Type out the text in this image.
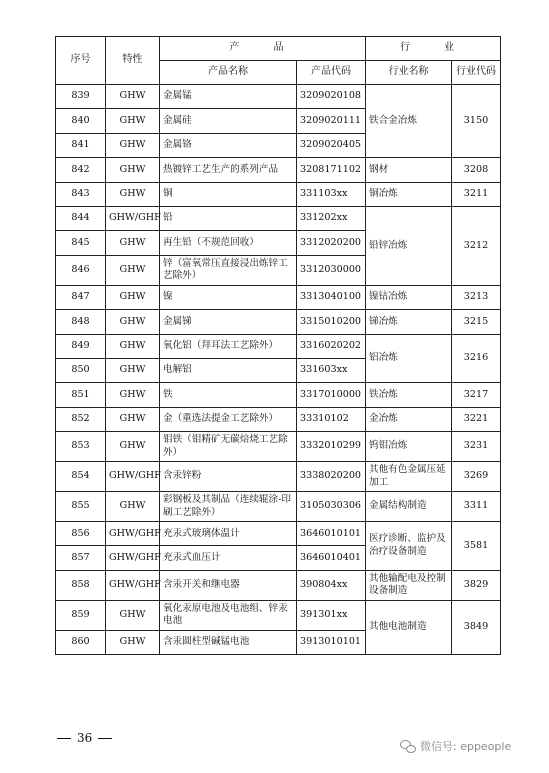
序号	特性	产　品		行　业	
		产品名称	产品代码	行业名称	行业代码
839	GHW	金属锰	3209020108	铁合金冶炼	3150
840	GHW	金属硅	3209020111		
841	GHW	金属铬	3209020405		
842	GHW	热镀锌工艺生产的系列产品	3208171102	钢材	3208
843	GHW	铜	331103xx	铜冶炼	3211
844	GHW/GHF	铅	331202xx	铅锌冶炼	3212
845	GHW	再生铅（不规范回收）	3312020200		
846	GHW	锌（富氧常压直接浸出炼锌工艺除外）	3312030000		
847	GHW	镍	3313040100	镍钴冶炼	3213
848	GHW	金属锑	3315010200	锑冶炼	3215
849	GHW	氧化铝（拜耳法工艺除外）	3316020202	铝冶炼	3216
850	GHW	电解铝	331603xx		
851	GHW	铁	3317010000	铁冶炼	3217
852	GHW	金（重选法提金工艺除外）	33310102	金冶炼	3221
853	GHW	钼铁（钼精矿无碳焙烧工艺除外）	3332010299	钨钼冶炼	3231
854	GHW/GHF	含汞锌粉	3338020200	其他有色金属压延加工	3269
855	GHW	彩钢板及其制品（连续辊涂-印刷工艺除外）	3105030306	金属结构制造	3311
856	GHW/GHF	充汞式玻璃体温计	3646010101	医疗诊断、监护及治疗设备制造	3581
857	GHW/GHF	充汞式血压计	3646010401		
858	GHW/GHF	含汞开关和继电器	390804xx	其他输配电及控制设备制造	3829
859	GHW	氧化汞原电池及电池组、锌汞电池	391301xx	其他电池制造	3849
860	GHW	含汞圆柱型碱锰电池	3913010101		
36
微信号: eppeople
